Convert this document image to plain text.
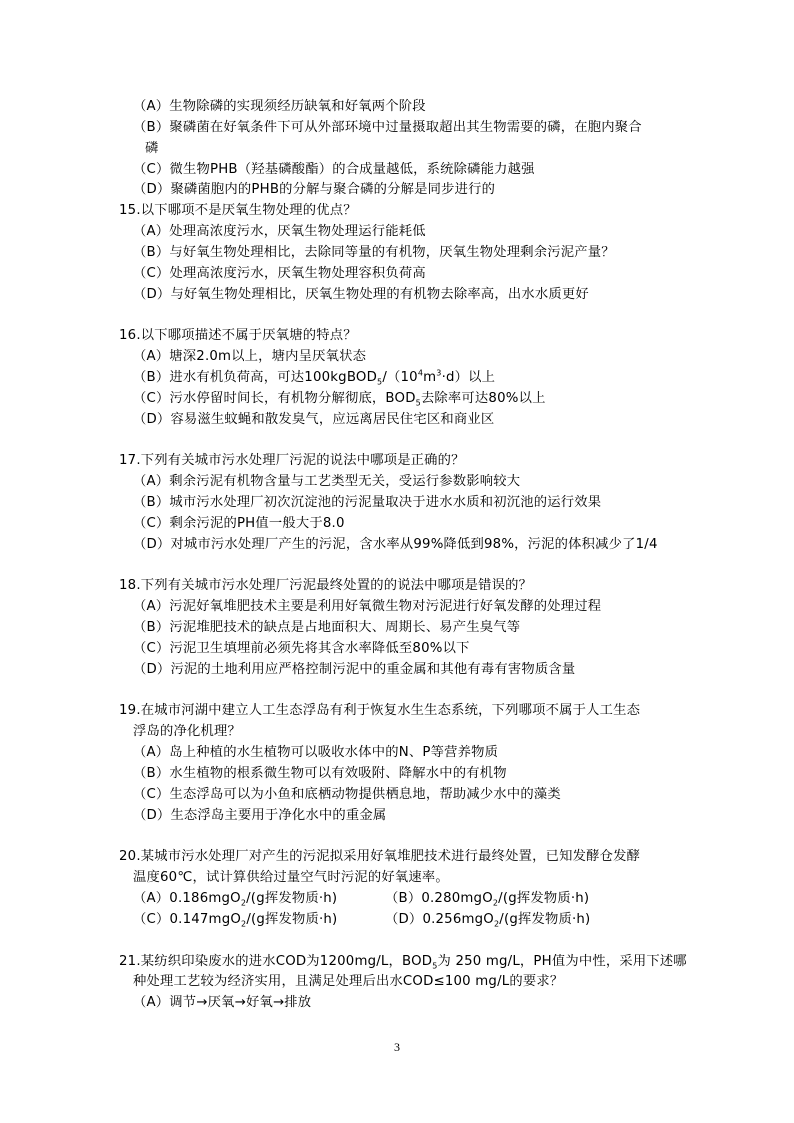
（A）生物除磷的实现须经历缺氧和好氧两个阶段
（B）聚磷菌在好氧条件下可从外部环境中过量摄取超出其生物需要的磷，在胞内聚合
磷
（C）微生物PHB（羟基磷酸酯）的合成量越低，系统除磷能力越强
（D）聚磷菌胞内的PHB的分解与聚合磷的分解是同步进行的
15.以下哪项不是厌氧生物处理的优点？
（A）处理高浓度污水，厌氧生物处理运行能耗低
（B）与好氧生物处理相比，去除同等量的有机物，厌氧生物处理剩余污泥产量？
（C）处理高浓度污水，厌氧生物处理容积负荷高
（D）与好氧生物处理相比，厌氧生物处理的有机物去除率高，出水水质更好
16.以下哪项描述不属于厌氧塘的特点？
（A）塘深2.0m以上，塘内呈厌氧状态
（B）进水有机负荷高，可达$100kgBOD_5/(10^4m^3\cdot d)$以上
（C）污水停留时间长，有机物分解彻底，$BOD_5$去除率可达80%以上
（D）容易滋生蚊蝇和散发臭气，应远离居民住宅区和商业区
17.下列有关城市污水处理厂污泥的说法中哪项是正确的？
（A）剩余污泥有机物含量与工艺类型无关，受运行参数影响较大
（B）城市污水处理厂初次沉淀池的污泥量取决于进水水质和初沉池的运行效果
（C）剩余污泥的PH值一般大于8.0
（D）对城市污水处理厂产生的污泥，含水率从99%降低到98%，污泥的体积减少了1/4
18.下列有关城市污水处理厂污泥最终处置的的说法中哪项是错误的？
（A）污泥好氧堆肥技术主要是利用好氧微生物对污泥进行好氧发酵的处理过程
（B）污泥堆肥技术的缺点是占地面积大、周期长、易产生臭气等
（C）污泥卫生填埋前必须先将其含水率降低至80%以下
（D）污泥的土地利用应严格控制污泥中的重金属和其他有毒有害物质含量
19.在城市河湖中建立人工生态浮岛有利于恢复水生生态系统，下列哪项不属于人工生态
浮岛的净化机理？
（A）岛上种植的水生植物可以吸收水体中的N、P等营养物质
（B）水生植物的根系微生物可以有效吸附、降解水中的有机物
（C）生态浮岛可以为小鱼和底栖动物提供栖息地，帮助减少水中的藻类
（D）生态浮岛主要用于净化水中的重金属
20.某城市污水处理厂对产生的污泥拟采用好氧堆肥技术进行最终处置，已知发酵仓发酵
温度60℃，试计算供给过量空气时污泥的好氧速率。
（A）0.186mgO$_2$/(g挥发物质·h)	（B）0.280mgO$_2$/(g挥发物质·h)
（C）0.147mgO$_2$/(g挥发物质·h)	（D）0.256mgO$_2$/(g挥发物质·h)
21.某纺织印染废水的进水COD为1200mg/L，$BOD_5$为 250 mg/L，PH值为中性，采用下述哪
种处理工艺较为经济实用，且满足处理后出水COD≤100 mg/L的要求？
（A）调节→厌氧→好氧→排放
3
